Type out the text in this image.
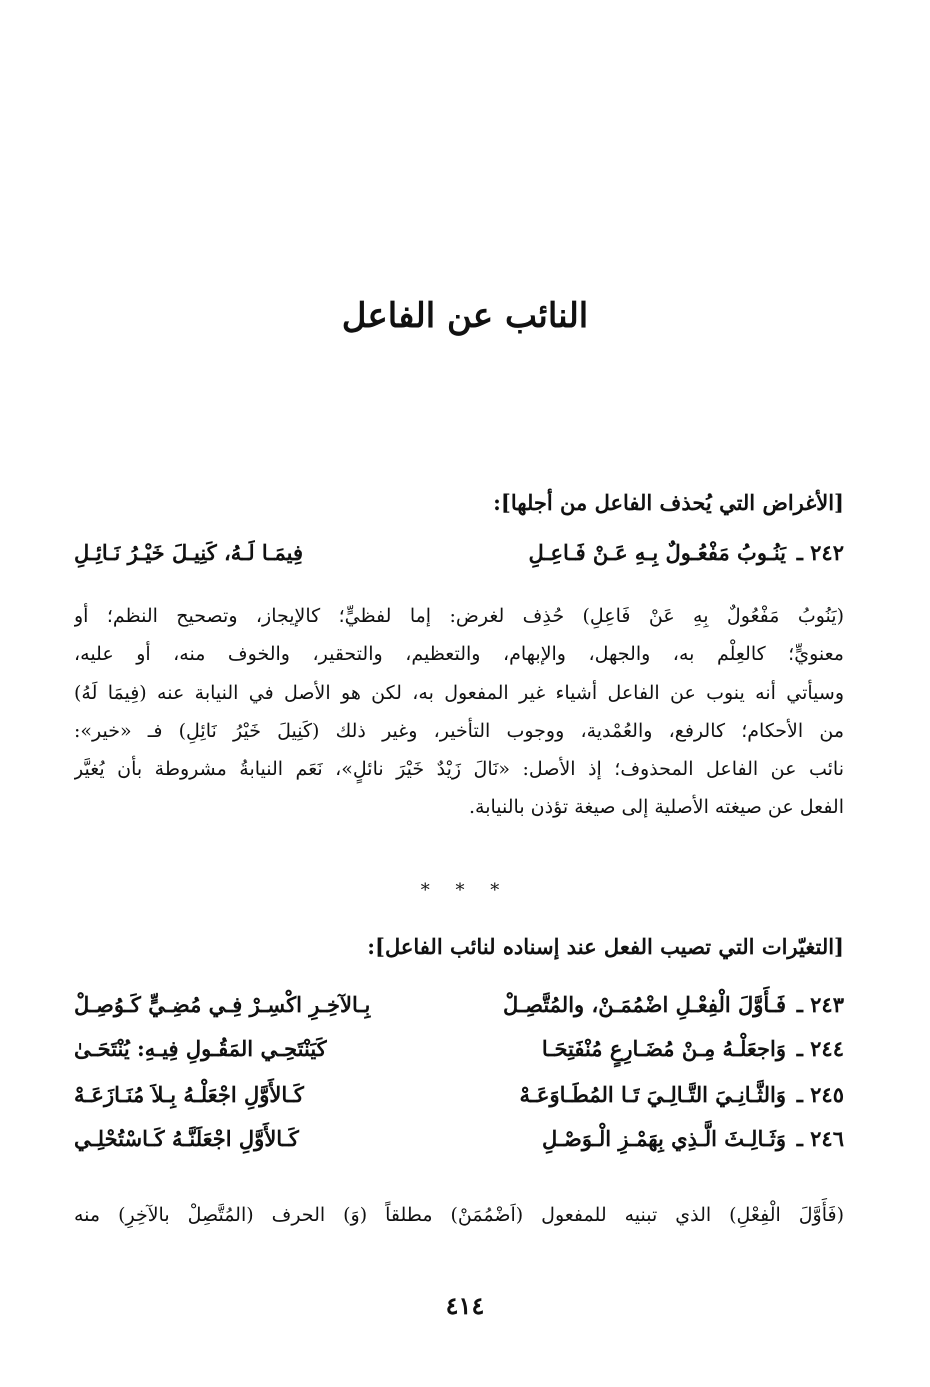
النائب عن الفاعل
[الأغراض التي يُحذف الفاعل من أجلها]:
٢٤٢ ـ
يَنُـوبُ مَفْعُـولٌ بِـهِ عَـنْ فَـاعِـلِ
فِيمَـا لَـهُ، كَنِيـلَ خَيْـرُ نَـائِـلِ
(يَنُوبُ مَفْعُولٌ بِهِ عَنْ فَاعِلِ) حُذِف لغرض: إما لفظيٍّ؛ كالإيجاز، وتصحيح النظم؛ أو
معنويٍّ؛ كالعِلْم به، والجهل، والإبهام، والتعظيم، والتحقير، والخوف منه، أو عليه،
وسيأتي أنه ينوب عن الفاعل أشياء غير المفعول به، لكن هو الأصل في النيابة عنه (فِيمَا لَهُ)
من الأحكام؛ كالرفع، والعُمْدية، ووجوب التأخير، وغير ذلك (كَنِيلَ خَيْرُ نَائِلِ) فـ «خير»:
نائب عن الفاعل المحذوف؛ إذ الأصل: «نَالَ زَيْدٌ خَيْرَ نائلٍ»، نَعَم النيابةُ مشروطة بأن يُغيَّر
الفعل عن صيغته الأصلية إلى صيغة تؤذن بالنيابة.
* * *
[التغيّرات التي تصيب الفعل عند إسناده لنائب الفاعل]:
٢٤٣ ـ
فَـأَوَّلَ الْفِعْـلِ اضْمُمَـنْ، والمُتَّصِـلْ
بِـالآخِـرِ اكْسِـرْ فِـي مُضِـيٍّ كَـوُصِـلْ
٢٤٤ ـ
وَاجعَلْـهُ مِـنْ مُضَـارِعٍ مُنْفَتِحَـا
كَيَنْتَحِـي المَقُـولِ فِيـهِ: يُنْتَحَـىٰ
٢٤٥ ـ
وَالثَّـانِـيَ التَّـالِـيَ تَـا المُطَـاوَعَـهْ
كَـالأَوَّلِ اجْعَلْـهُ بِـلاَ مُنَـازَعَـهْ
٢٤٦ ـ
وَثَـالِـثَ الَّـذِي بِهَمْـزِ الْـوَصْـلِ
كَـالأَوَّلِ اجْعَلَنَّـهُ كَـاسْتُحْلِـي
(فَأَوَّلَ الْفِعْلِ) الذي تبنيه للمفعول (اَضْمُمَنْ) مطلقاً (وَ) الحرف (المُتَّصِلْ بالآخِرِ) منه
٤١٤
